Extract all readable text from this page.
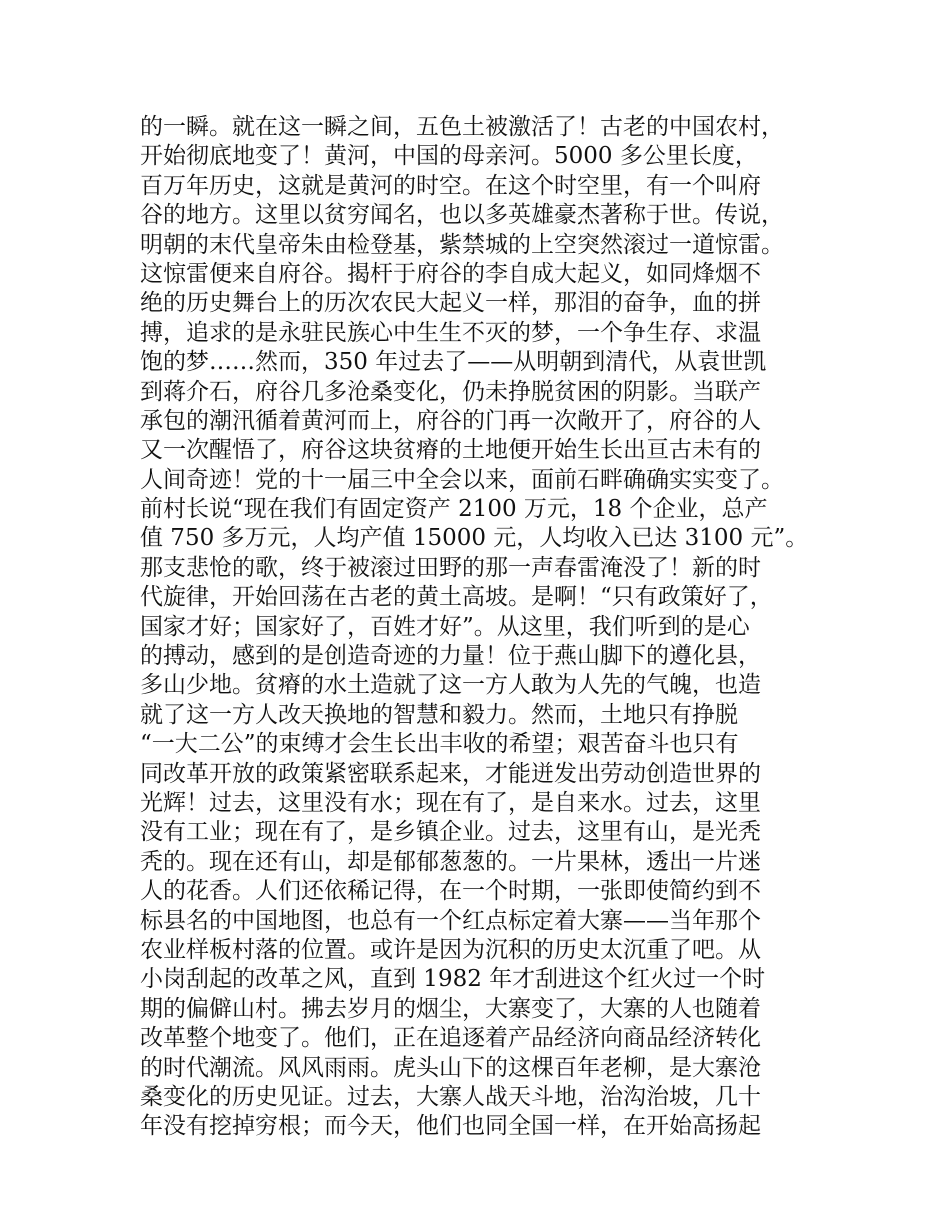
的一瞬。就在这一瞬之间，五色土被激活了！古老的中国农村，
开始彻底地变了！黄河，中国的母亲河。5000 多公里长度，
百万年历史，这就是黄河的时空。在这个时空里，有一个叫府
谷的地方。这里以贫穷闻名，也以多英雄豪杰著称于世。传说，
明朝的末代皇帝朱由检登基，紫禁城的上空突然滚过一道惊雷。
这惊雷便来自府谷。揭杆于府谷的李自成大起义，如同烽烟不
绝的历史舞台上的历次农民大起义一样，那泪的奋争，血的拼
搏，追求的是永驻民族心中生生不灭的梦，一个争生存、求温
饱的梦……然而，350 年过去了——从明朝到清代，从袁世凯
到蒋介石，府谷几多沧桑变化，仍未挣脱贫困的阴影。当联产
承包的潮汛循着黄河而上，府谷的门再一次敞开了，府谷的人
又一次醒悟了，府谷这块贫瘠的土地便开始生长出亘古未有的
人间奇迹！党的十一届三中全会以来，面前石畔确确实实变了。
前村长说“现在我们有固定资产 2100 万元，18 个企业，总产
值 750 多万元，人均产值 15000 元，人均收入已达 3100 元”。
那支悲怆的歌，终于被滚过田野的那一声春雷淹没了！新的时
代旋律，开始回荡在古老的黄土高坡。是啊！“只有政策好了，
国家才好；国家好了，百姓才好”。从这里，我们听到的是心
的搏动，感到的是创造奇迹的力量！位于燕山脚下的遵化县，
多山少地。贫瘠的水土造就了这一方人敢为人先的气魄，也造
就了这一方人改天换地的智慧和毅力。然而，土地只有挣脱
“一大二公”的束缚才会生长出丰收的希望；艰苦奋斗也只有
同改革开放的政策紧密联系起来，才能迸发出劳动创造世界的
光辉！过去，这里没有水；现在有了，是自来水。过去，这里
没有工业；现在有了，是乡镇企业。过去，这里有山，是光秃
秃的。现在还有山，却是郁郁葱葱的。一片果林，透出一片迷
人的花香。人们还依稀记得，在一个时期，一张即使简约到不
标县名的中国地图，也总有一个红点标定着大寨——当年那个
农业样板村落的位置。或许是因为沉积的历史太沉重了吧。从
小岗刮起的改革之风，直到 1982 年才刮进这个红火过一个时
期的偏僻山村。拂去岁月的烟尘，大寨变了，大寨的人也随着
改革整个地变了。他们，正在追逐着产品经济向商品经济转化
的时代潮流。风风雨雨。虎头山下的这棵百年老柳，是大寨沧
桑变化的历史见证。过去，大寨人战天斗地，治沟治坡，几十
年没有挖掉穷根；而今天，他们也同全国一样，在开始高扬起
